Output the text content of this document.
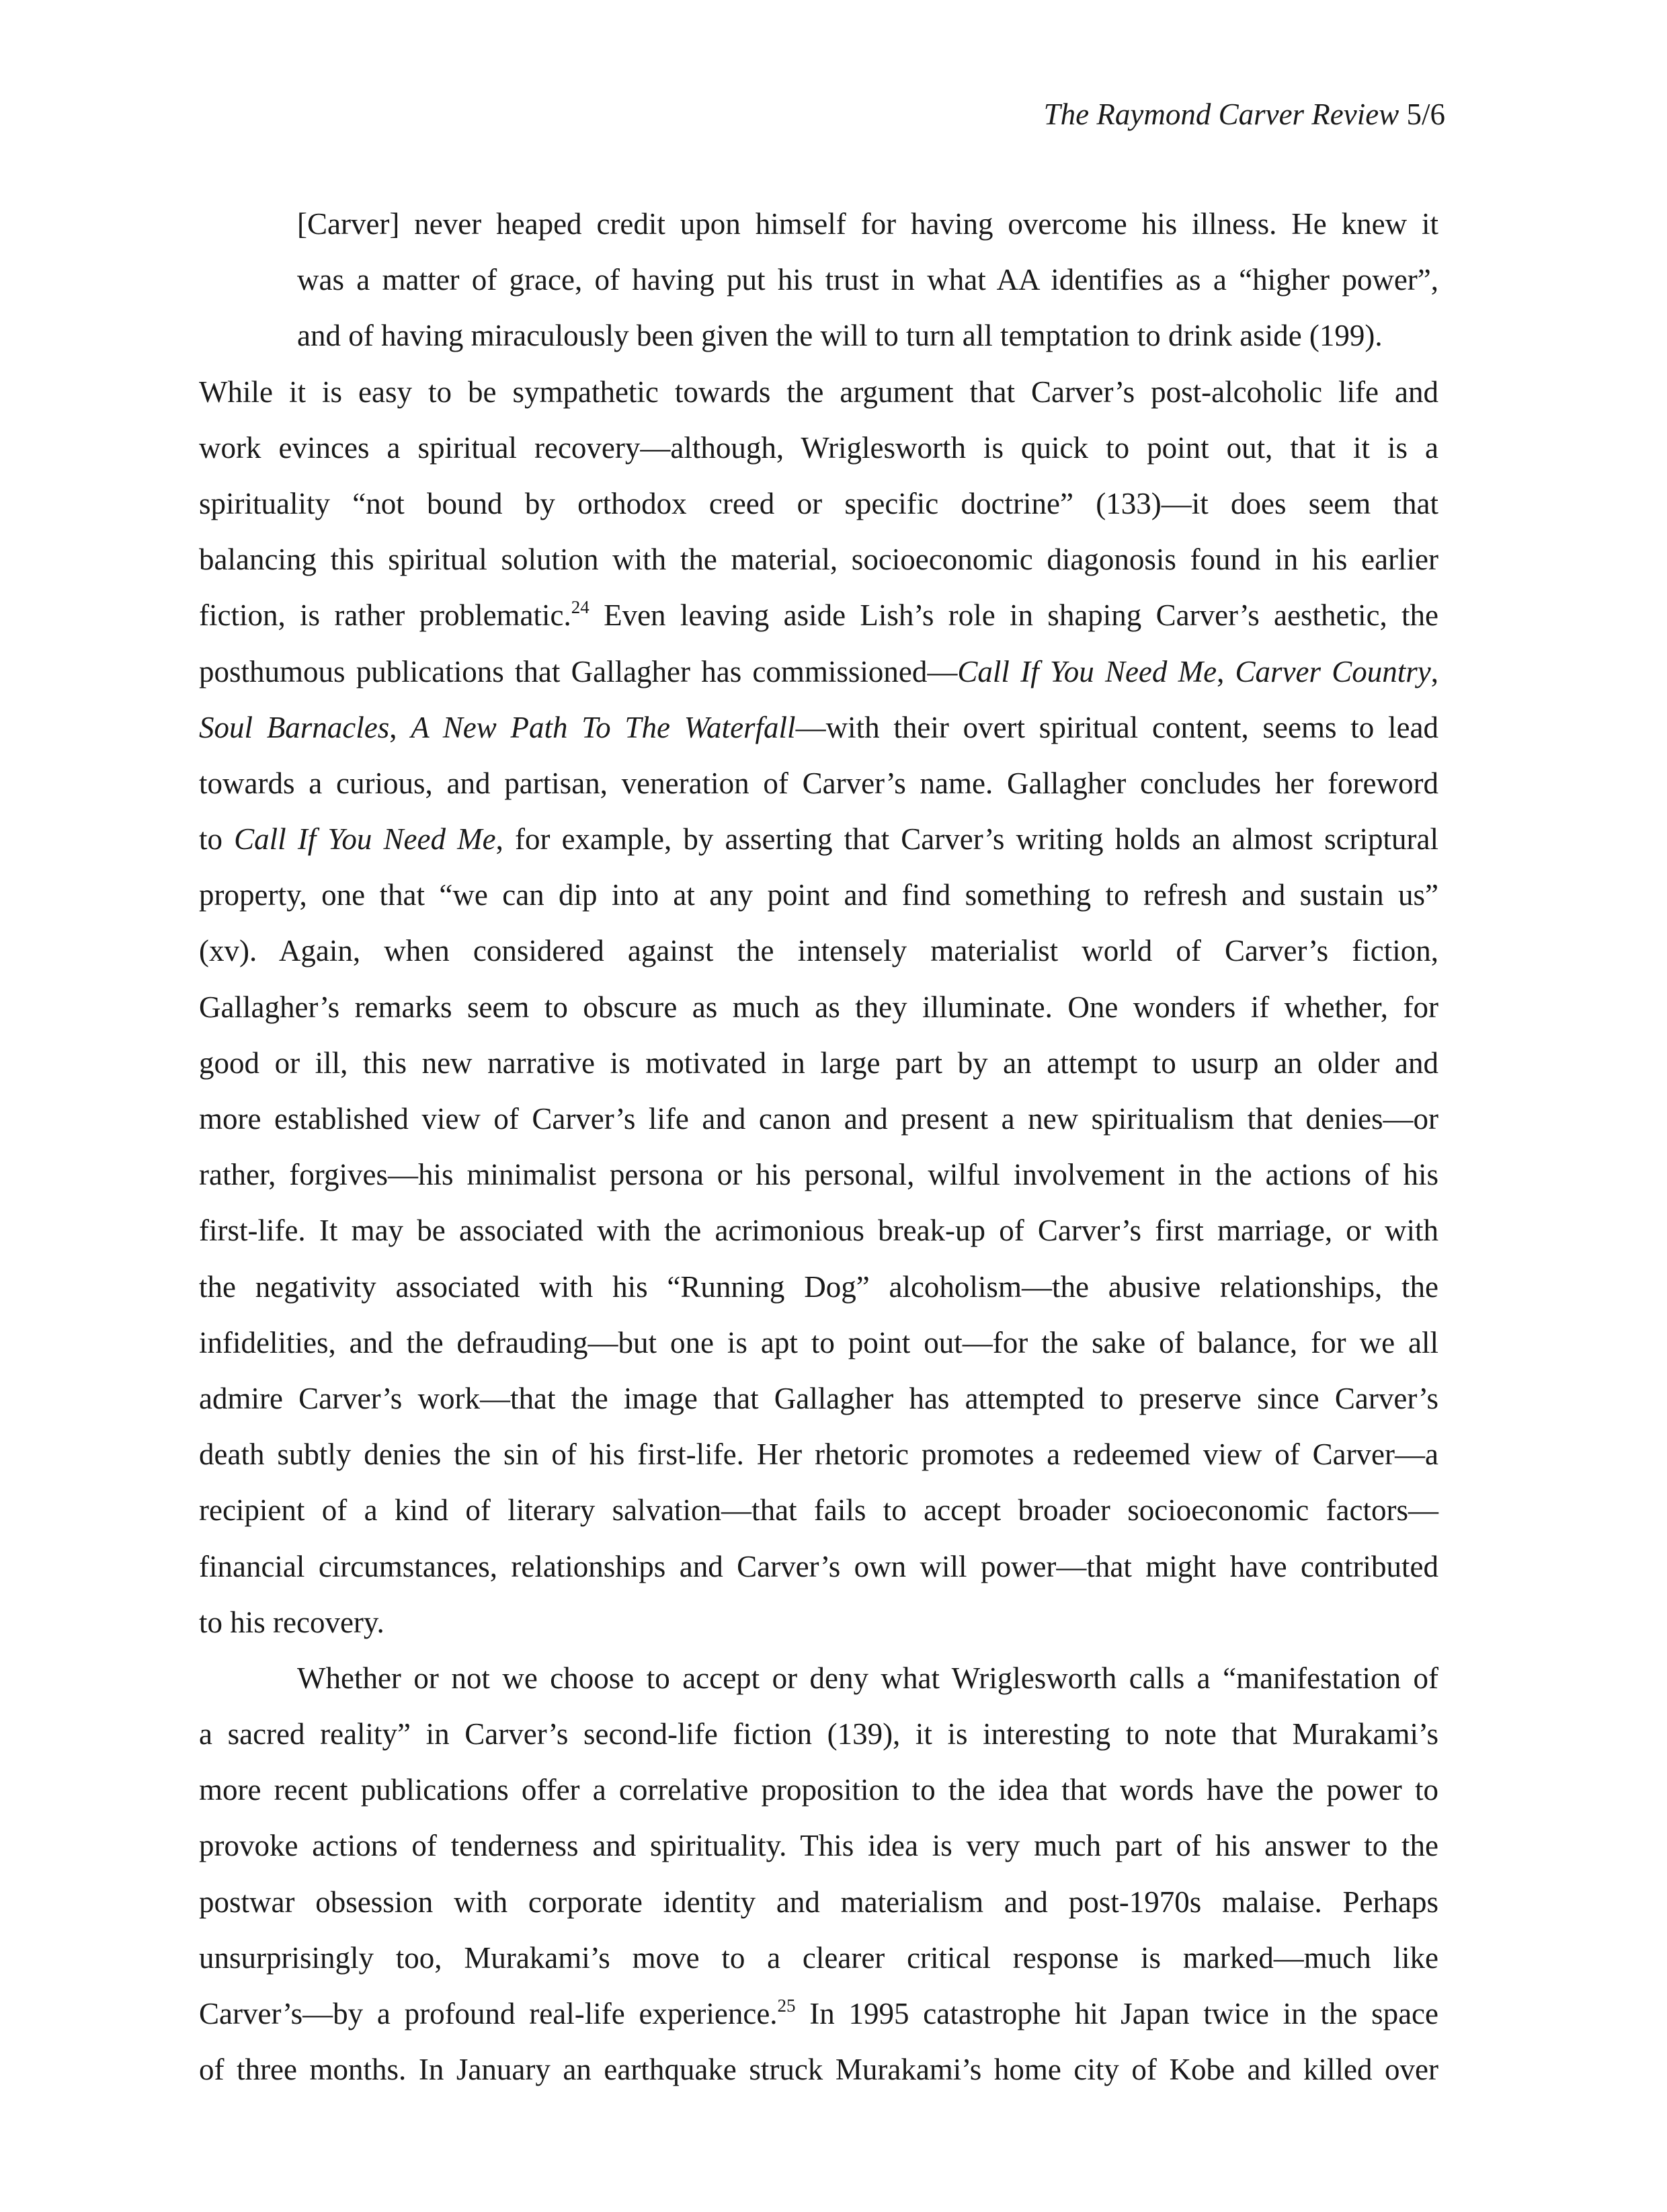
The Raymond Carver Review 5/6
[Carver] never heaped credit upon himself for having overcome his illness. He knew it
was a matter of grace, of having put his trust in what AA identifies as a “higher power”,
and of having miraculously been given the will to turn all temptation to drink aside (199).
While it is easy to be sympathetic towards the argument that Carver’s post-alcoholic life and
work evinces a spiritual recovery—although, Wriglesworth is quick to point out, that it is a
spirituality “not bound by orthodox creed or specific doctrine” (133)—it does seem that
balancing this spiritual solution with the material, socioeconomic diagonosis found in his earlier
fiction, is rather problematic.$^{24}$ Even leaving aside Lish’s role in shaping Carver’s aesthetic, the
posthumous publications that Gallagher has commissioned—Call If You Need Me, Carver Country,
Soul Barnacles, A New Path To The Waterfall—with their overt spiritual content, seems to lead
towards a curious, and partisan, veneration of Carver’s name. Gallagher concludes her foreword
to Call If You Need Me, for example, by asserting that Carver’s writing holds an almost scriptural
property, one that “we can dip into at any point and find something to refresh and sustain us”
(xv). Again, when considered against the intensely materialist world of Carver’s fiction,
Gallagher’s remarks seem to obscure as much as they illuminate. One wonders if whether, for
good or ill, this new narrative is motivated in large part by an attempt to usurp an older and
more established view of Carver’s life and canon and present a new spiritualism that denies—or
rather, forgives—his minimalist persona or his personal, wilful involvement in the actions of his
first-life. It may be associated with the acrimonious break-up of Carver’s first marriage, or with
the negativity associated with his “Running Dog” alcoholism—the abusive relationships, the
infidelities, and the defrauding—but one is apt to point out—for the sake of balance, for we all
admire Carver’s work—that the image that Gallagher has attempted to preserve since Carver’s
death subtly denies the sin of his first-life. Her rhetoric promotes a redeemed view of Carver—a
recipient of a kind of literary salvation—that fails to accept broader socioeconomic factors—
financial circumstances, relationships and Carver’s own will power—that might have contributed
to his recovery.
Whether or not we choose to accept or deny what Wriglesworth calls a “manifestation of
a sacred reality” in Carver’s second-life fiction (139), it is interesting to note that Murakami’s
more recent publications offer a correlative proposition to the idea that words have the power to
provoke actions of tenderness and spirituality. This idea is very much part of his answer to the
postwar obsession with corporate identity and materialism and post-1970s malaise. Perhaps
unsurprisingly too, Murakami’s move to a clearer critical response is marked—much like
Carver’s—by a profound real-life experience.$^{25}$ In 1995 catastrophe hit Japan twice in the space
of three months. In January an earthquake struck Murakami’s home city of Kobe and killed over
